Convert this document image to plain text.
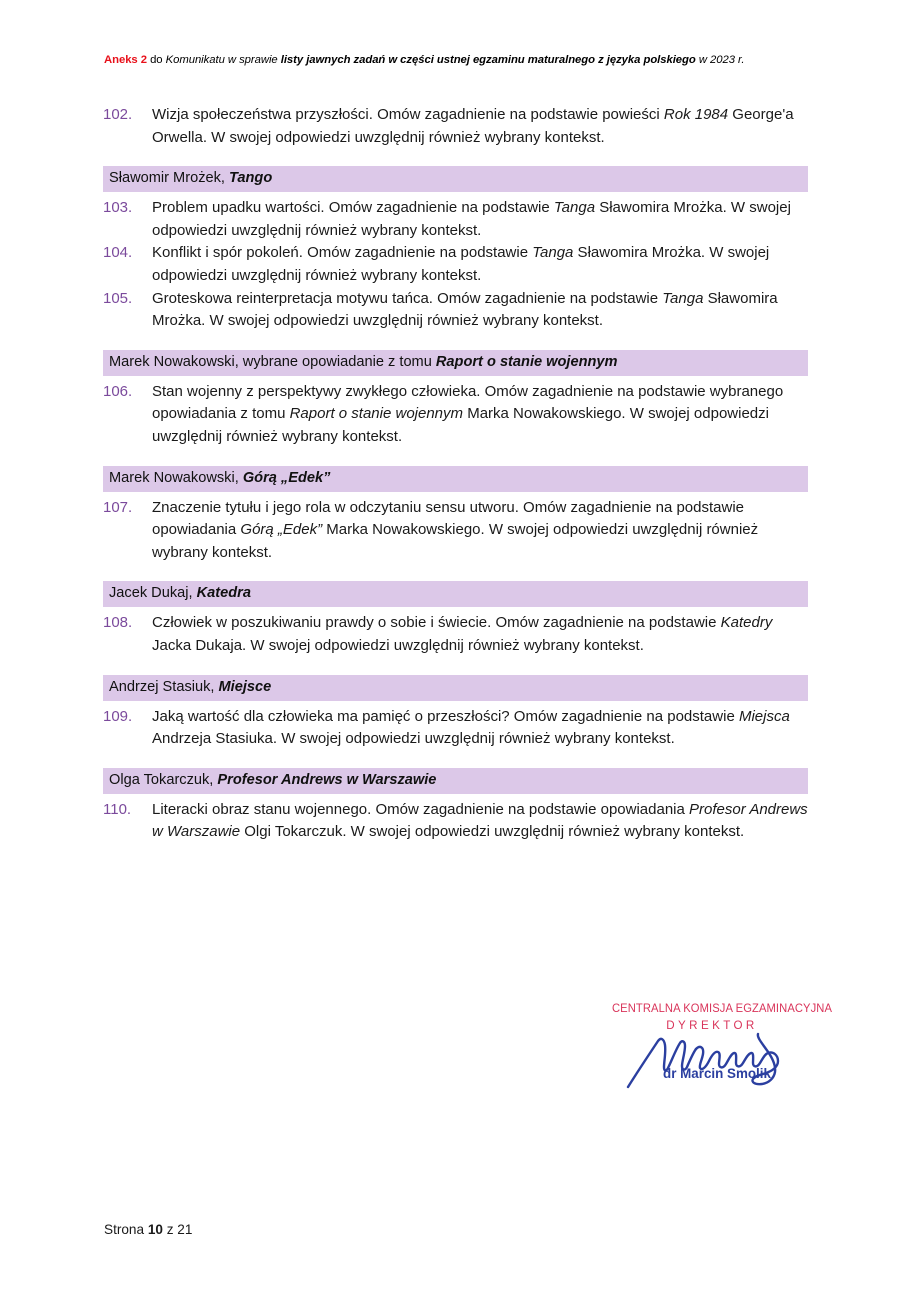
Aneks 2 do Komunikatu w sprawie listy jawnych zadań w części ustnej egzaminu maturalnego z języka polskiego w 2023 r.
102.	Wizja społeczeństwa przyszłości. Omów zagadnienie na podstawie powieści Rok 1984 George'a Orwella. W swojej odpowiedzi uwzględnij również wybrany kontekst.
Sławomir Mrożek, Tango
103.	Problem upadku wartości. Omów zagadnienie na podstawie Tanga Sławomira Mrożka. W swojej odpowiedzi uwzględnij również wybrany kontekst.
104.	Konflikt i spór pokoleń. Omów zagadnienie na podstawie Tanga Sławomira Mrożka. W swojej odpowiedzi uwzględnij również wybrany kontekst.
105.	Groteskowa reinterpretacja motywu tańca. Omów zagadnienie na podstawie Tanga Sławomira Mrożka. W swojej odpowiedzi uwzględnij również wybrany kontekst.
Marek Nowakowski, wybrane opowiadanie z tomu Raport o stanie wojennym
106.	Stan wojenny z perspektywy zwykłego człowieka. Omów zagadnienie na podstawie wybranego opowiadania z tomu Raport o stanie wojennym Marka Nowakowskiego. W swojej odpowiedzi uwzględnij również wybrany kontekst.
Marek Nowakowski, Górą „Edek”
107.	Znaczenie tytułu i jego rola w odczytaniu sensu utworu. Omów zagadnienie na podstawie opowiadania Górą „Edek” Marka Nowakowskiego. W swojej odpowiedzi uwzględnij również wybrany kontekst.
Jacek Dukaj, Katedra
108.	Człowiek w poszukiwaniu prawdy o sobie i świecie. Omów zagadnienie na podstawie Katedry Jacka Dukaja. W swojej odpowiedzi uwzględnij również wybrany kontekst.
Andrzej Stasiuk, Miejsce
109.	Jaką wartość dla człowieka ma pamięć o przeszłości? Omów zagadnienie na podstawie Miejsca Andrzeja Stasiuka. W swojej odpowiedzi uwzględnij również wybrany kontekst.
Olga Tokarczuk, Profesor Andrews w Warszawie
110.	Literacki obraz stanu wojennego. Omów zagadnienie na podstawie opowiadania Profesor Andrews w Warszawie Olgi Tokarczuk. W swojej odpowiedzi uwzględnij również wybrany kontekst.
CENTRALNA KOMISJA EGZAMINACYJNA
DYREKTOR
dr Marcin Smolik
Strona 10 z 21
